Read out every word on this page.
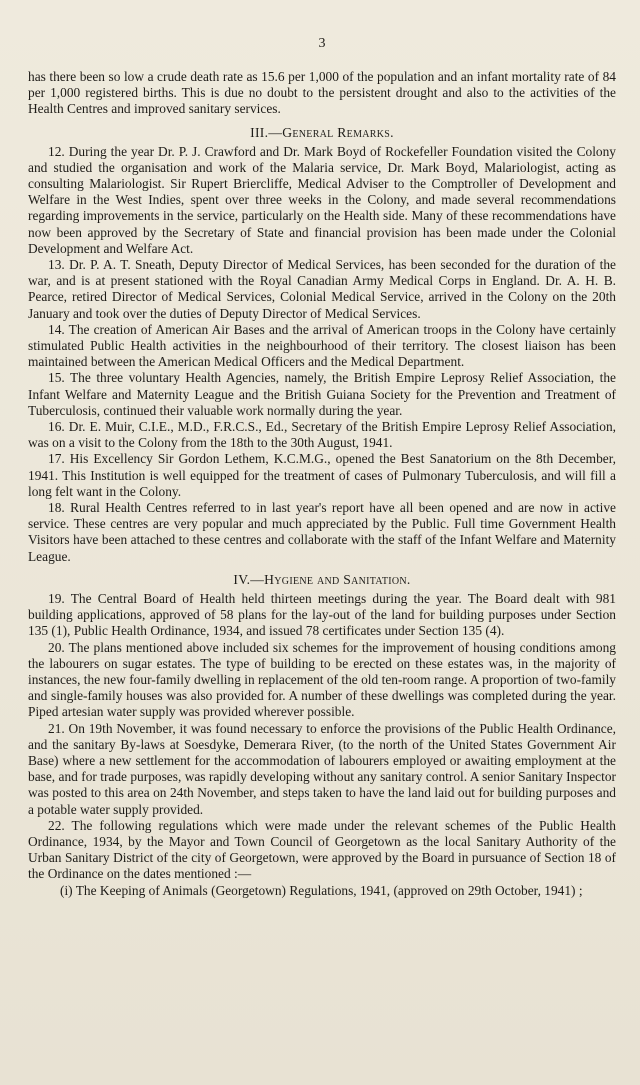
3

has there been so low a crude death rate as 15.6 per 1,000 of the population and an infant mortality rate of 84 per 1,000 registered births. This is due no doubt to the persistent drought and also to the activities of the Health Centres and improved sanitary services.

III.—General Remarks.

12. During the year Dr. P. J. Crawford and Dr. Mark Boyd of Rockefeller Foundation visited the Colony and studied the organisation and work of the Malaria service, Dr. Mark Boyd, Malariologist, acting as consulting Malariologist. Sir Rupert Briercliffe, Medical Adviser to the Comptroller of Development and Welfare in the West Indies, spent over three weeks in the Colony, and made several recommendations regarding improvements in the service, particularly on the Health side. Many of these recommendations have now been approved by the Secretary of State and financial provision has been made under the Colonial Development and Welfare Act.

13. Dr. P. A. T. Sneath, Deputy Director of Medical Services, has been seconded for the duration of the war, and is at present stationed with the Royal Canadian Army Medical Corps in England. Dr. A. H. B. Pearce, retired Director of Medical Services, Colonial Medical Service, arrived in the Colony on the 20th January and took over the duties of Deputy Director of Medical Services.

14. The creation of American Air Bases and the arrival of American troops in the Colony have certainly stimulated Public Health activities in the neighbourhood of their territory. The closest liaison has been maintained between the American Medical Officers and the Medical Department.

15. The three voluntary Health Agencies, namely, the British Empire Leprosy Relief Association, the Infant Welfare and Maternity League and the British Guiana Society for the Prevention and Treatment of Tuberculosis, continued their valuable work normally during the year.

16. Dr. E. Muir, C.I.E., M.D., F.R.C.S., Ed., Secretary of the British Empire Leprosy Relief Association, was on a visit to the Colony from the 18th to the 30th August, 1941.

17. His Excellency Sir Gordon Lethem, K.C.M.G., opened the Best Sanatorium on the 8th December, 1941. This Institution is well equipped for the treatment of cases of Pulmonary Tuberculosis, and will fill a long felt want in the Colony.

18. Rural Health Centres referred to in last year's report have all been opened and are now in active service. These centres are very popular and much appreciated by the Public. Full time Government Health Visitors have been attached to these centres and collaborate with the staff of the Infant Welfare and Maternity League.

IV.—Hygiene and Sanitation.

19. The Central Board of Health held thirteen meetings during the year. The Board dealt with 981 building applications, approved of 58 plans for the lay-out of the land for building purposes under Section 135 (1), Public Health Ordinance, 1934, and issued 78 certificates under Section 135 (4).

20. The plans mentioned above included six schemes for the improvement of housing conditions among the labourers on sugar estates. The type of building to be erected on these estates was, in the majority of instances, the new four-family dwelling in replacement of the old ten-room range. A proportion of two-family and single-family houses was also provided for. A number of these dwellings was completed during the year. Piped artesian water supply was provided wherever possible.

21. On 19th November, it was found necessary to enforce the provisions of the Public Health Ordinance, and the sanitary By-laws at Soesdyke, Demerara River, (to the north of the United States Government Air Base) where a new settlement for the accommodation of labourers employed or awaiting employment at the base, and for trade purposes, was rapidly developing without any sanitary control. A senior Sanitary Inspector was posted to this area on 24th November, and steps taken to have the land laid out for building purposes and a potable water supply provided.

22. The following regulations which were made under the relevant schemes of the Public Health Ordinance, 1934, by the Mayor and Town Council of Georgetown as the local Sanitary Authority of the Urban Sanitary District of the city of Georgetown, were approved by the Board in pursuance of Section 18 of the Ordinance on the dates mentioned :—

(i) The Keeping of Animals (Georgetown) Regulations, 1941, (approved on 29th October, 1941) ;
